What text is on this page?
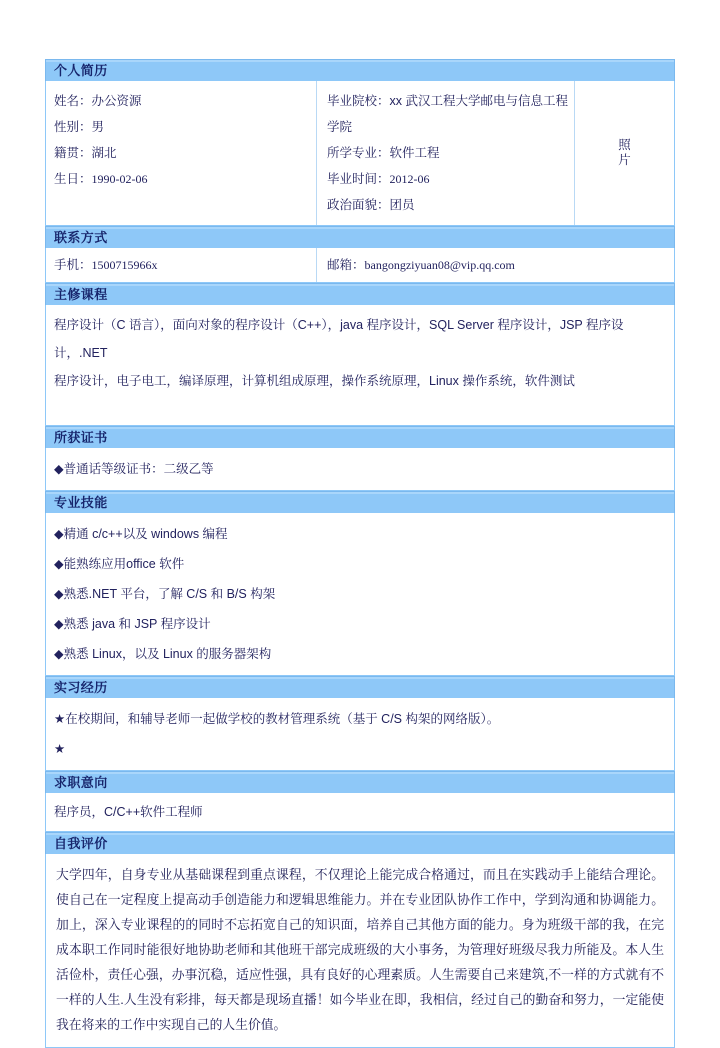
个人简历
姓名：办公资源
性别：男
籍贯：湖北
生日：1990-02-06
毕业院校：xx 武汉工程大学邮电与信息工程学院
所学专业：软件工程
毕业时间：2012-06
政治面貌：团员
照片
联系方式
手机：1500715966x	邮箱：bangongziyuan08@vip.qq.com
主修课程
程序设计（C 语言），面向对象的程序设计（C++），java 程序设计，SQL Server 程序设计，JSP 程序设计，.NET
程序设计，电子电工，编译原理，计算机组成原理，操作系统原理，Linux 操作系统，软件测试
所获证书
◆普通话等级证书：二级乙等
专业技能
◆精通 c/c++以及 windows 编程
◆能熟练应用office 软件
◆熟悉.NET 平台，了解 C/S 和 B/S 构架
◆熟悉 java 和 JSP 程序设计
◆熟悉 Linux，以及 Linux 的服务器架构
实习经历
★在校期间，和辅导老师一起做学校的教材管理系统（基于 C/S 构架的网络版）。
★
求职意向
程序员，C/C++软件工程师
自我评价

大学四年，自身专业从基础课程到重点课程，不仅理论上能完成合格通过，而且在实践动手上能结合理论。使自己在一定程度上提高动手创造能力和逻辑思维能力。并在专业团队协作工作中，学到沟通和协调能力。加上，深入专业课程的的同时不忘拓宽自己的知识面，培养自己其他方面的能力。身为班级干部的我，在完成本职工作同时能很好地协助老师和其他班干部完成班级的大小事务，为管理好班级尽我力所能及。本人生活俭朴，责任心强，办事沉稳，适应性强，具有良好的心理素质。人生需要自己来建筑,不一样的方式就有不一样的人生.人生没有彩排，每天都是现场直播！如今毕业在即，我相信，经过自己的勤奋和努力，一定能使我在将来的工作中实现自己的人生价值。
